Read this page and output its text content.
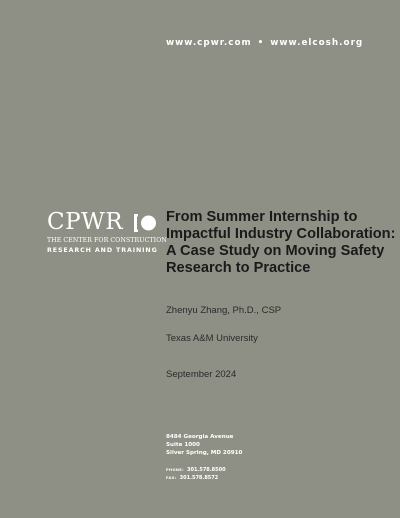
www.cpwr.com • www.elcosh.org
CPWR
THE CENTER FOR CONSTRUCTION
RESEARCH AND TRAINING
From Summer Internship to
Impactful Industry Collaboration:
A Case Study on Moving Safety
Research to Practice
Zhenyu Zhang, Ph.D., CSP
Texas A&M University
September 2024
8484 Georgia Avenue
Suite 1000
Silver Spring, MD 20910
PHONE: 301.578.8500
FAX: 301.578.8572
